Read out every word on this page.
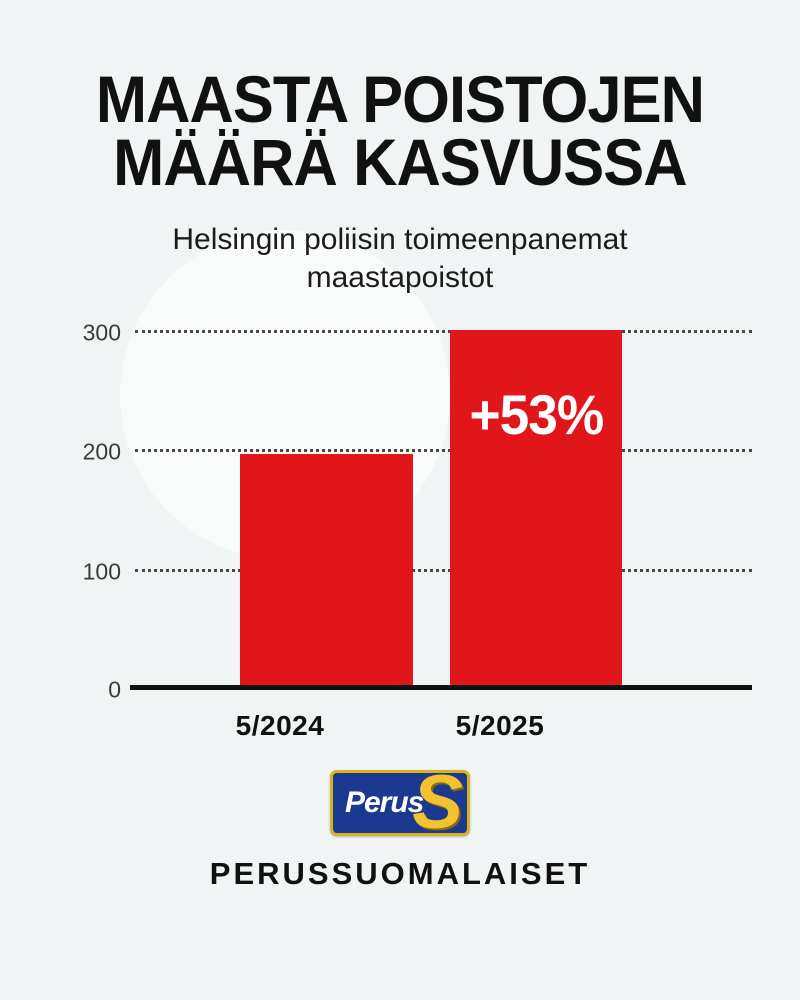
MAASTA POISTOJEN
MÄÄRÄ KASVUSSA
Helsingin poliisin toimeenpanemat maastapoistot
300
200
100
0
+53%
5/2024	5/2025
Perus
S
PERUSSUOMALAISET
